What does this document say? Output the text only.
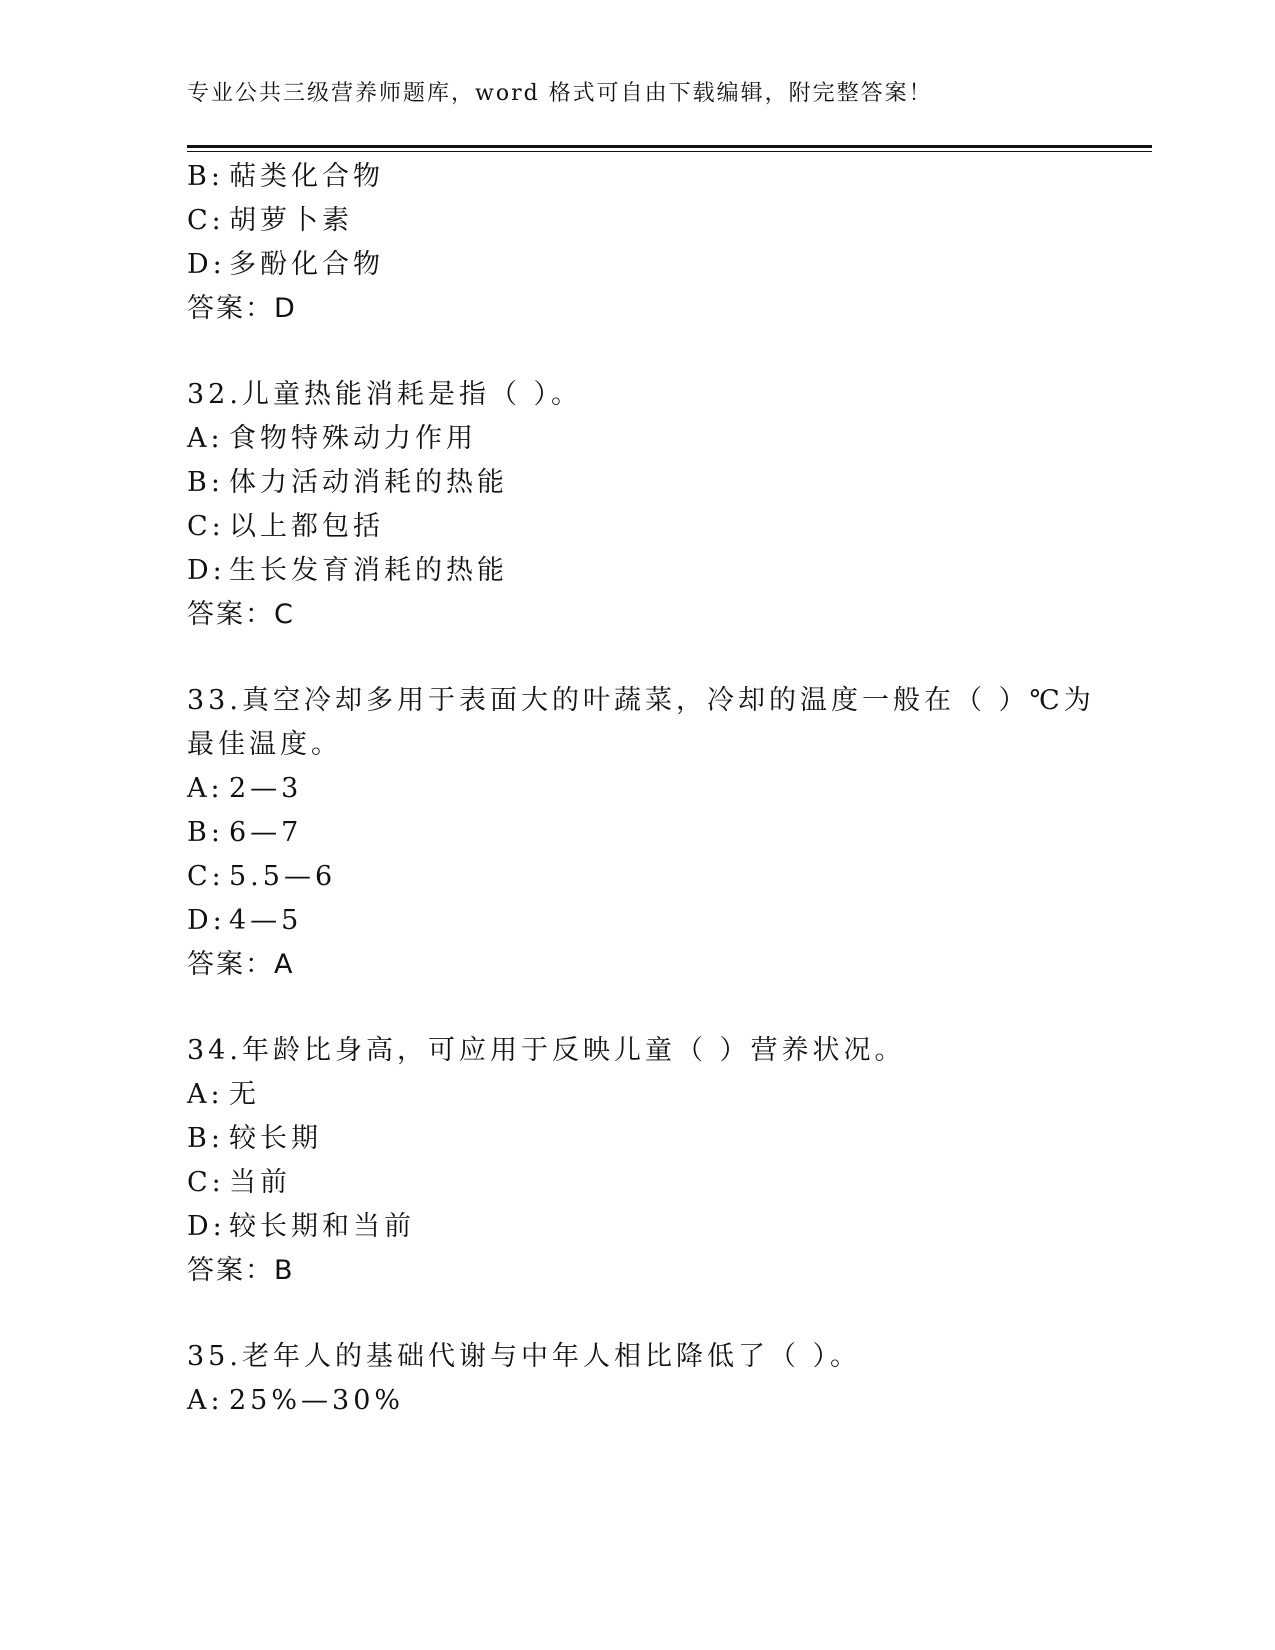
专业公共三级营养师题库，word 格式可自由下载编辑，附完整答案！
B: 萜类化合物
C: 胡萝卜素
D: 多酚化合物
答案：D
32.儿童热能消耗是指（ ）。
A: 食物特殊动力作用
B: 体力活动消耗的热能
C: 以上都包括
D: 生长发育消耗的热能
答案：C
33.真空冷却多用于表面大的叶蔬菜，冷却的温度一般在（ ）℃为
最佳温度。
A: 2—3
B: 6—7
C: 5.5—6
D: 4—5
答案：A
34.年龄比身高，可应用于反映儿童（ ）营养状况。
A: 无
B: 较长期
C: 当前
D: 较长期和当前
答案：B
35.老年人的基础代谢与中年人相比降低了（ ）。
A: 25%—30%
